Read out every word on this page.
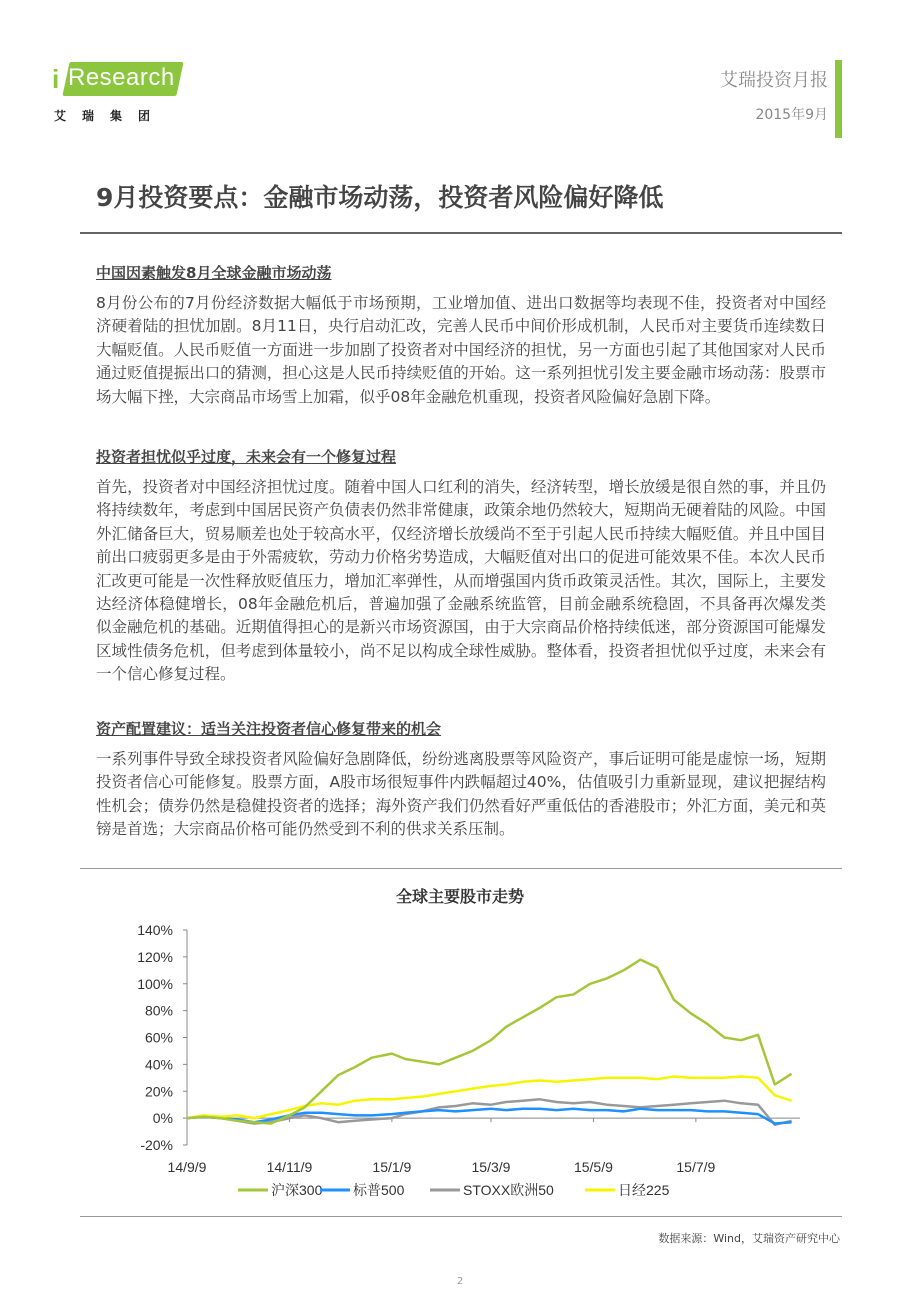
i Research
艾瑞集团
艾瑞投资月报
2015年9月
9月投资要点：金融市场动荡，投资者风险偏好降低

中国因素触发8月全球金融市场动荡

8月份公布的7月份经济数据大幅低于市场预期，工业增加值、进出口数据等均表现不佳，投资者对中国经济硬着陆的担忧加剧。8月11日，央行启动汇改，完善人民币中间价形成机制，人民币对主要货币连续数日大幅贬值。人民币贬值一方面进一步加剧了投资者对中国经济的担忧，另一方面也引起了其他国家对人民币通过贬值提振出口的猜测，担心这是人民币持续贬值的开始。这一系列担忧引发主要金融市场动荡：股票市场大幅下挫，大宗商品市场雪上加霜，似乎08年金融危机重现，投资者风险偏好急剧下降。

投资者担忧似乎过度，未来会有一个修复过程

首先，投资者对中国经济担忧过度。随着中国人口红利的消失，经济转型，增长放缓是很自然的事，并且仍将持续数年，考虑到中国居民资产负债表仍然非常健康，政策余地仍然较大，短期尚无硬着陆的风险。中国外汇储备巨大，贸易顺差也处于较高水平，仅经济增长放缓尚不至于引起人民币持续大幅贬值。并且中国目前出口疲弱更多是由于外需疲软，劳动力价格劣势造成，大幅贬值对出口的促进可能效果不佳。本次人民币汇改更可能是一次性释放贬值压力，增加汇率弹性，从而增强国内货币政策灵活性。其次，国际上，主要发达经济体稳健增长，08年金融危机后，普遍加强了金融系统监管，目前金融系统稳固，不具备再次爆发类似金融危机的基础。近期值得担心的是新兴市场资源国，由于大宗商品价格持续低迷，部分资源国可能爆发区域性债务危机，但考虑到体量较小，尚不足以构成全球性威胁。整体看，投资者担忧似乎过度，未来会有一个信心修复过程。

资产配置建议：适当关注投资者信心修复带来的机会

一系列事件导致全球投资者风险偏好急剧降低，纷纷逃离股票等风险资产，事后证明可能是虚惊一场，短期投资者信心可能修复。股票方面，A股市场很短事件内跌幅超过40%，估值吸引力重新显现，建议把握结构性机会；债券仍然是稳健投资者的选择；海外资产我们仍然看好严重低估的香港股市；外汇方面，美元和英镑是首选；大宗商品价格可能仍然受到不利的供求关系压制。

全球主要股市走势
-20%
0%
20%
40%
60%
80%
100%
120%
140%
14/9/9	14/11/9	15/1/9	15/3/9	15/5/9	15/7/9
沪深300 标普500	STOXX欧洲50	日经225
数据来源：Wind，艾瑞资产研究中心
2
